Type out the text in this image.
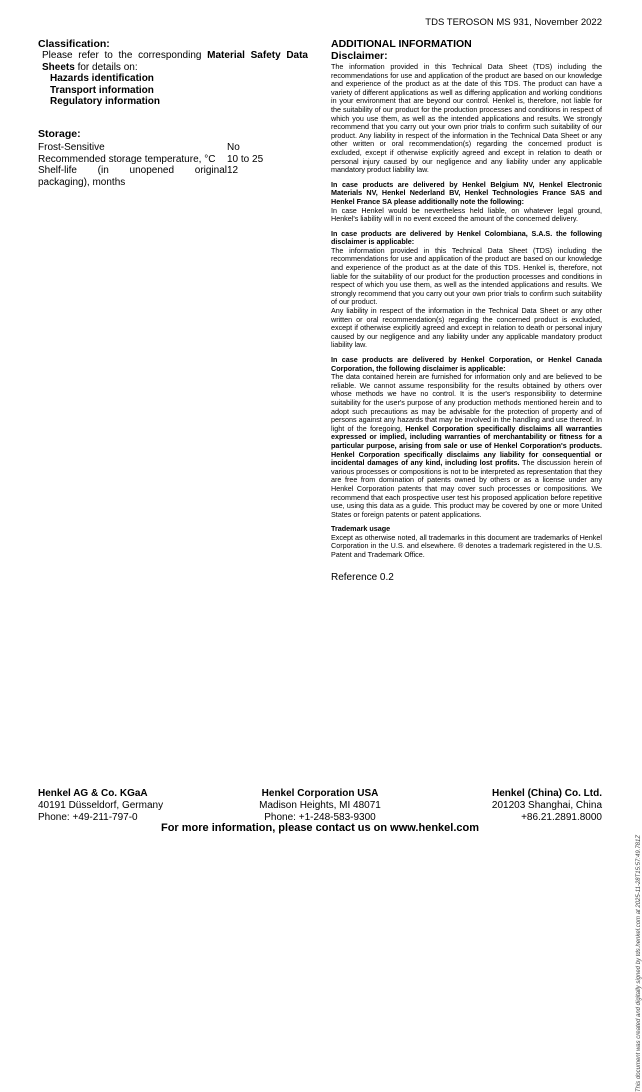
TDS TEROSON MS 931, November 2022

Classification:

Please refer to the corresponding Material Safety Data Sheets for details on:

Hazards identification

Transport information

Regulatory information

Storage:

Frost-Sensitive	No
Recommended storage temperature, °C	10 to 25
Shelf-life (in unopened original packaging), months
12

ADDITIONAL INFORMATION

Disclaimer:

The information provided in this Technical Data Sheet (TDS) including the recommendations for use and application of the product are based on our knowledge and experience of the product as at the date of this TDS. The product can have a variety of different applications as well as differing application and working conditions in your environment that are beyond our control. Henkel is, therefore, not liable for the suitability of our product for the production processes and conditions in respect of which you use them, as well as the intended applications and results. We strongly recommend that you carry out your own prior trials to confirm such suitability of our product. Any liability in respect of the information in the Technical Data Sheet or any other written or oral recommendation(s) regarding the concerned product is excluded, except if otherwise explicitly agreed and except in relation to death or personal injury caused by our negligence and any liability under any applicable mandatory product liability law.

In case products are delivered by Henkel Belgium NV, Henkel Electronic Materials NV, Henkel Nederland BV, Henkel Technologies France SAS and Henkel France SA please additionally note the following:

In case Henkel would be nevertheless held liable, on whatever legal ground, Henkel's liability will in no event exceed the amount of the concerned delivery.

In case products are delivered by Henkel Colombiana, S.A.S. the following disclaimer is applicable:

The information provided in this Technical Data Sheet (TDS) including the recommendations for use and application of the product are based on our knowledge and experience of the product as at the date of this TDS. Henkel is, therefore, not liable for the suitability of our product for the production processes and conditions in respect of which you use them, as well as the intended applications and results. We strongly recommend that you carry out your own prior trials to confirm such suitability of our product.

Any liability in respect of the information in the Technical Data Sheet or any other written or oral recommendation(s) regarding the concerned product is excluded, except if otherwise explicitly agreed and except in relation to death or personal injury caused by our negligence and any liability under any applicable mandatory product liability law.

In case products are delivered by Henkel Corporation, or Henkel Canada Corporation, the following disclaimer is applicable:

The data contained herein are furnished for information only and are believed to be reliable. We cannot assume responsibility for the results obtained by others over whose methods we have no control. It is the user's responsibility to determine suitability for the user's purpose of any production methods mentioned herein and to adopt such precautions as may be advisable for the protection of property and of persons against any hazards that may be involved in the handling and use thereof. In light of the foregoing, Henkel Corporation specifically disclaims all warranties expressed or implied, including warranties of merchantability or fitness for a particular purpose, arising from sale or use of Henkel Corporation's products. Henkel Corporation specifically disclaims any liability for consequential or incidental damages of any kind, including lost profits. The discussion herein of various processes or compositions is not to be interpreted as representation that they are free from domination of patents owned by others or as a license under any Henkel Corporation patents that may cover such processes or compositions. We recommend that each prospective user test his proposed application before repetitive use, using this data as a guide. This product may be covered by one or more United States or foreign patents or patent applications.

Trademark usage

Except as otherwise noted, all trademarks in this document are trademarks of Henkel Corporation in the U.S. and elsewhere. ® denotes a trademark registered in the U.S. Patent and Trademark Office.

Reference 0.2
Henkel AG & Co. KGaA
40191 Düsseldorf, Germany
Phone: +49-211-797-0
Henkel Corporation USA
Madison Heights, MI 48071
Phone: +1-248-583-9300
Henkel (China) Co. Ltd.
201203 Shanghai, China
+86.21.2891.8000
For more information, please contact us on www.henkel.com
This document was created and digitally signed by tds.henkel.com at 2025-11-28T15:57:49.781Z
